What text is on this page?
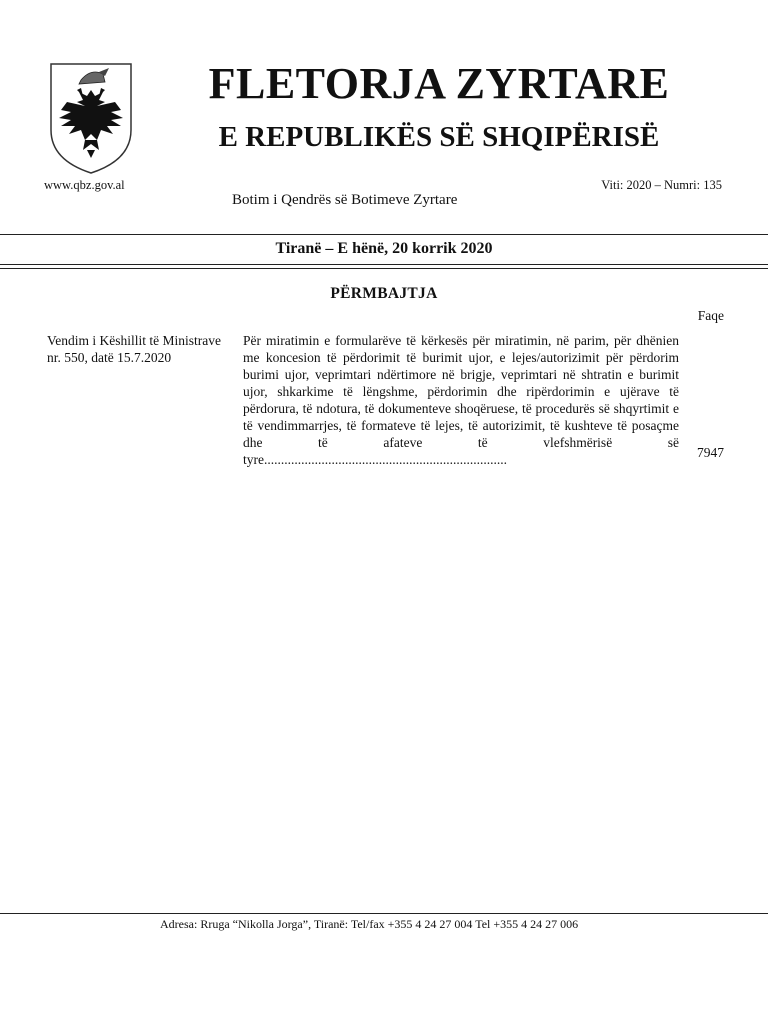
FLETORJA ZYRTARE
E REPUBLIKËS SË SHQIPËRISË
www.qbz.gov.al	Viti: 2020 – Numri: 135
Botim i Qendrës së Botimeve Zyrtare
Tiranë – E hënë, 20 korrik 2020
PËRMBAJTJA
Faqe
Vendim i Këshillit të Ministrave nr. 550, datë 15.7.2020
Për miratimin e formularëve të kërkesës për miratimin, në parim, për dhënien me koncesion të përdorimit të burimit ujor, e lejes/autorizimit për përdorim burimi ujor, veprimtari ndërtimore në brigje, veprimtari në shtratin e burimit ujor, shkarkime të lëngshme, përdorimin dhe ripërdorimin e ujërave të përdorura, të ndotura, të dokumenteve shoqëruese, të procedurës së shqyrtimit e të vendimmarrjes, të formateve të lejes, të autorizimit, të kushteve të posaçme dhe të afateve të vlefshmërisë së tyre........................................................................	7947
Adresa: Rruga “Nikolla Jorga”, Tiranë: Tel/fax +355 4 24 27 004 Tel +355 4 24 27 006
